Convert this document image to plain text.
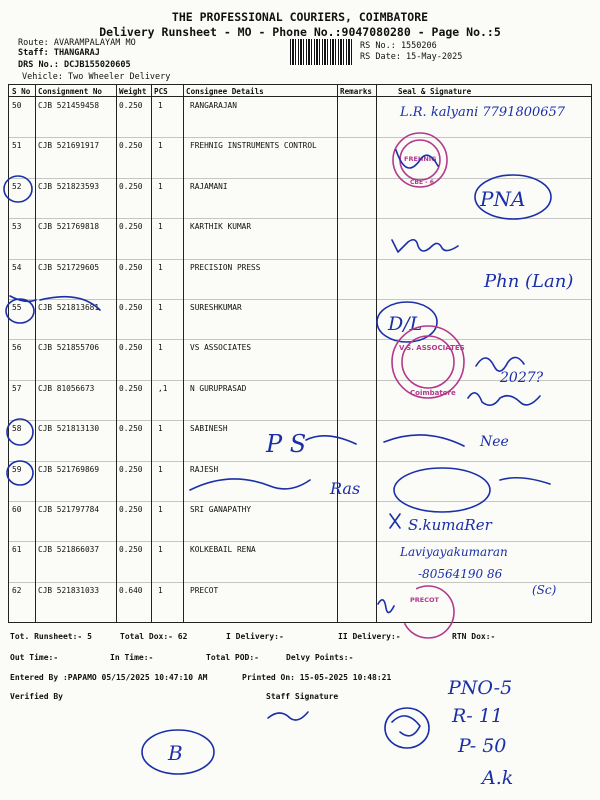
THE PROFESSIONAL COURIERS, COIMBATORE
Delivery Runsheet - MO - Phone No.:9047080280 - Page No.:5
Route: AVARAMPALAYAM MO
Staff: THANGARAJ
DRS No.: DCJB155020605
Vehicle: Two Wheeler Delivery
RS No.: 1550206
RS Date: 15-May-2025
S No Consignment No Weight PCS Consignee Details	Remarks	Seal & Signature
50 CJB 521459458	0.250 1	RANGARAJAN
51 CJB 521691917	0.250 1	FREHNIG INSTRUMENTS CONTROL
52 CJB 521823593	0.250 1	RAJAMANI
53 CJB 521769818	0.250 1	KARTHIK KUMAR
54 CJB 521729605	0.250 1	PRECISION PRESS
55 CJB 521813681	0.250 1	SURESHKUMAR
56 CJB 521855706	0.250 1	VS ASSOCIATES
57 CJB 81056673	0.250 ,1	N GURUPRASAD
58 CJB 521813130	0.250 1	SABINESH
59 CJB 521769869	0.250 1	RAJESH
60 CJB 521797784	0.250 1	SRI GANAPATHY
61 CJB 521866037	0.250 1	KOLKEBAIL RENA
62 CJB 521831033	0.640 1	PRECOT
Tot. Runsheet:- 5	Total Dox:- 62	I Delivery:-	II Delivery:-	RTN Dox:-
Out Time:-	In Time:-	Total POD:-	Delvy Points:-
Entered By :PAPAMO 05/15/2025 10:47:10 AM	Printed On: 15-05-2025 10:48:21
Verified By	Staff Signature
L.R. kalyani 7791800657
FREHNIG
CBE - 6
PNA
Phn (Lan)
D/L
V.S. ASSOCIATES
Coimbatore
2027?
P S	Nee
Ras
S.kumaRer
Laviyayakumaran
-80564190 86
(Sc)
PRECOT
B
PNO-5
R- 11
P- 50
A.k
